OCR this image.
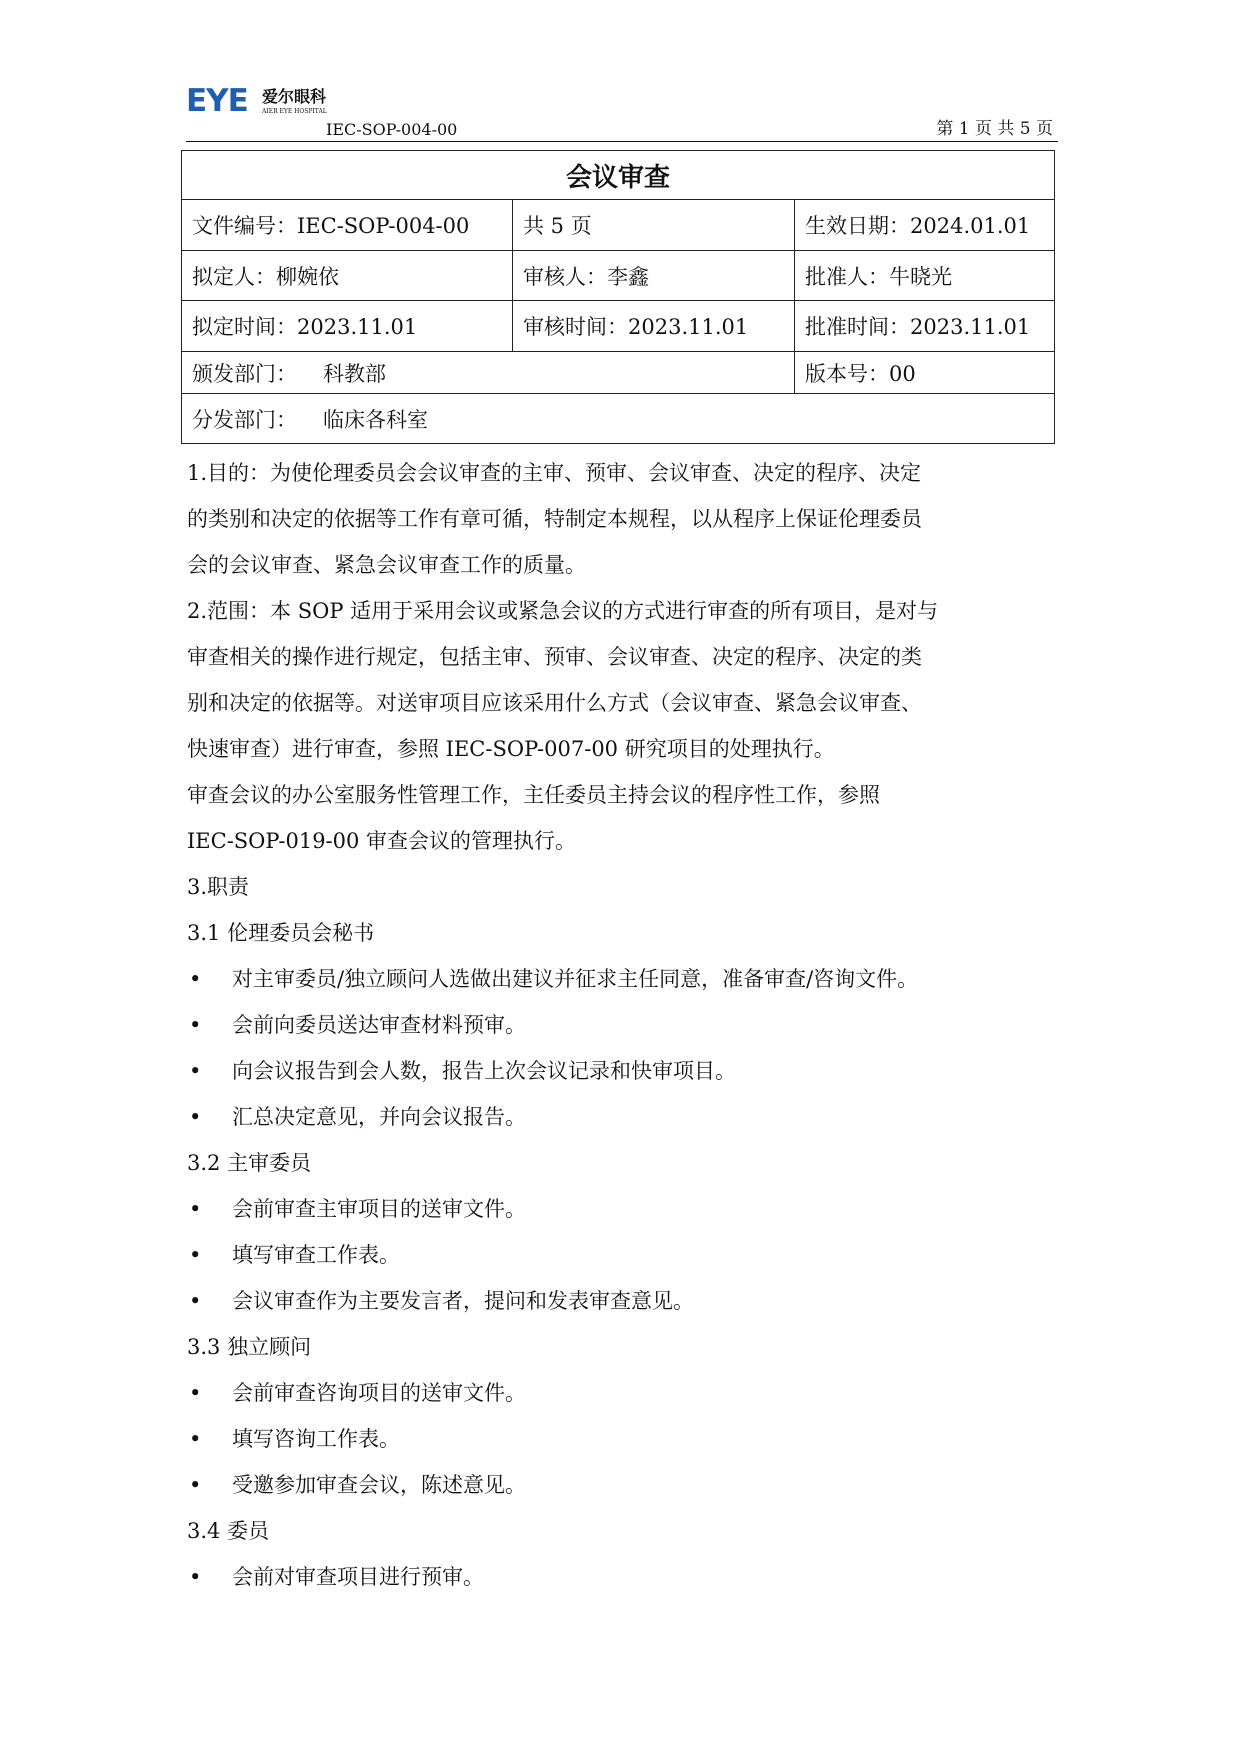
EYE 爱尔眼科
AIER EYE HOSPITAL
IEC-SOP-004-00	第 1 页 共 5 页
会议审查		
文件编号：IEC-SOP-004-00	共 5 页	生效日期：2024.01.01
拟定人：柳婉依	审核人：李鑫	批准人：牛晓光
拟定时间：2023.11.01	审核时间：2023.11.01	批准时间：2023.11.01
颁发部门： 科教部		版本号：00
分发部门： 临床各科室		
1.目的：为使伦理委员会会议审查的主审、预审、会议审查、决定的程序、决定
的类别和决定的依据等工作有章可循，特制定本规程，以从程序上保证伦理委员
会的会议审查、紧急会议审查工作的质量。
2.范围：本 SOP 适用于采用会议或紧急会议的方式进行审查的所有项目，是对与
审查相关的操作进行规定，包括主审、预审、会议审查、决定的程序、决定的类
别和决定的依据等。对送审项目应该采用什么方式（会议审查、紧急会议审查、
快速审查）进行审查，参照 IEC-SOP-007-00 研究项目的处理执行。
审查会议的办公室服务性管理工作，主任委员主持会议的程序性工作，参照
IEC-SOP-019-00 审查会议的管理执行。
3.职责
3.1 伦理委员会秘书
• 对主审委员/独立顾问人选做出建议并征求主任同意，准备审查/咨询文件。
• 会前向委员送达审查材料预审。
• 向会议报告到会人数，报告上次会议记录和快审项目。
• 汇总决定意见，并向会议报告。
3.2 主审委员
• 会前审查主审项目的送审文件。
• 填写审查工作表。
• 会议审查作为主要发言者，提问和发表审查意见。
3.3 独立顾问
• 会前审查咨询项目的送审文件。
• 填写咨询工作表。
• 受邀参加审查会议，陈述意见。
3.4 委员
• 会前对审查项目进行预审。
